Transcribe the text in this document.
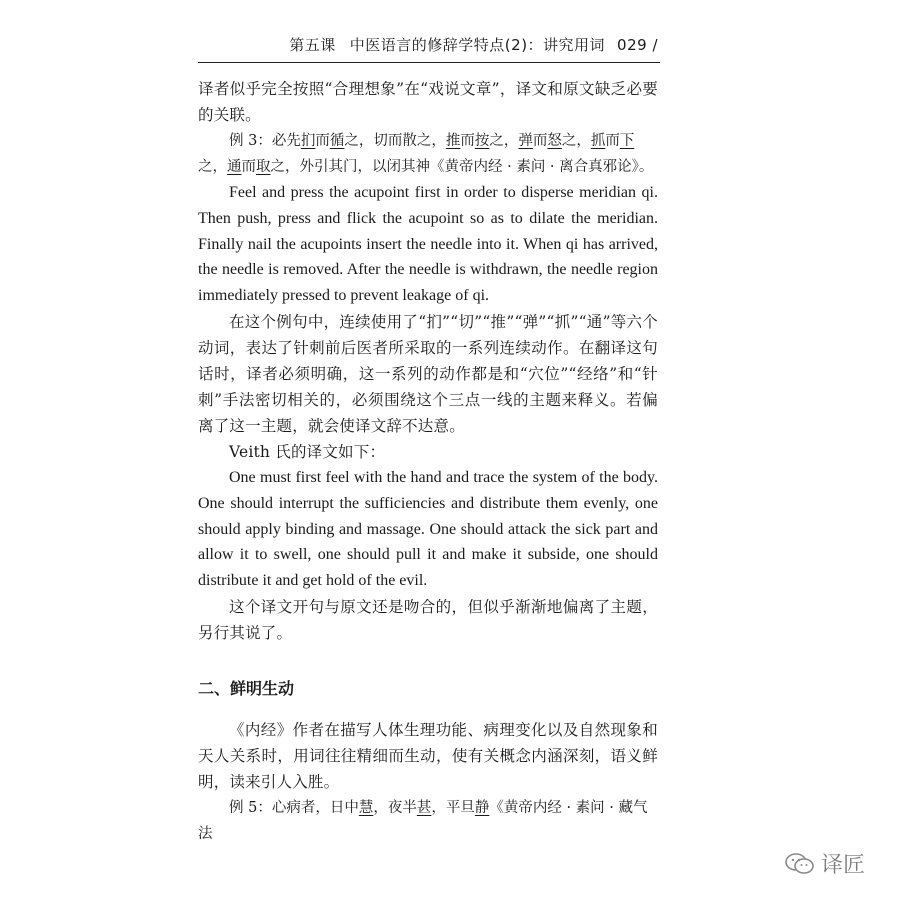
第五课 中医语言的修辞学特点(2)：讲究用词 029 /

译者似乎完全按照“合理想象”在“戏说文章”，译文和原文缺乏必要的关联。

例 3：必先扪而循之，切而散之，推而按之，弹而怒之，抓而下之，通而取之，外引其门，以闭其神《黄帝内经 · 素问 · 离合真邪论》。

Feel and press the acupoint first in order to disperse meridian qi. Then push, press and flick the acupoint so as to dilate the meridian. Finally nail the acupoints insert the needle into it. When qi has arrived, the needle is removed. After the needle is withdrawn, the needle region immediately pressed to prevent leakage of qi.

在这个例句中，连续使用了“扪”“切”“推”“弹”“抓”“通”等六个动词，表达了针刺前后医者所采取的一系列连续动作。在翻译这句话时，译者必须明确，这一系列的动作都是和“穴位”“经络”和“针刺”手法密切相关的，必须围绕这个三点一线的主题来释义。若偏离了这一主题，就会使译文辞不达意。

Veith 氏的译文如下：

One must first feel with the hand and trace the system of the body. One should interrupt the sufficiencies and distribute them evenly, one should apply binding and massage. One should attack the sick part and allow it to swell, one should pull it and make it subside, one should distribute it and get hold of the evil.

这个译文开句与原文还是吻合的，但似乎渐渐地偏离了主题，另行其说了。

二、鲜明生动

《内经》作者在描写人体生理功能、病理变化以及自然现象和天人关系时，用词往往精细而生动，使有关概念内涵深刻，语义鲜明，读来引人入胜。

例 5：心病者，日中慧，夜半甚，平旦静《黄帝内经 · 素问 · 藏气法

译匠
